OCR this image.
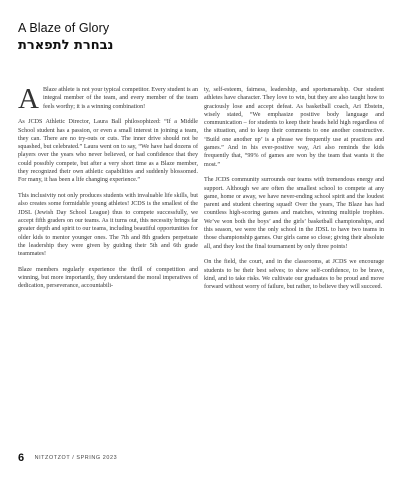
A Blaze of Glory
נבחרת לתפארת

A Blaze athlete is not your typical competitor. Every student is an integral member of the team, and every member of the team feels worthy; it is a winning combination!

As JCDS Athletic Director, Laura Ball philosophized: “If a Middle School student has a passion, or even a small interest in joining a team, they can. There are no try-outs or cuts. The inner drive should not be squashed, but celebrated.” Laura went on to say, “We have had dozens of players over the years who never believed, or had confidence that they could possibly compete, but after a very short time as a Blaze member, they recognized their own athletic capabilities and suddenly blossomed. For many, it has been a life changing experience.”

This inclusivity not only produces students with invaluable life skills, but also creates some formidable young athletes! JCDS is the smallest of the JDSL (Jewish Day School League) thus to compete successfully, we accept fifth graders on our teams. As it turns out, this necessity brings far greater depth and spirit to our teams, including beautiful opportunities for older kids to mentor younger ones. The 7th and 8th graders perpetuate the leadership they were given by guiding their 5th and 6th grade teammates!

Blaze members regularly experience the thrill of competition and winning, but more importantly, they understand the moral imperatives of dedication, perseverance, accountabili-

ty, self-esteem, fairness, leadership, and sportsmanship. Our student athletes have character. They love to win, but they are also taught how to graciously lose and accept defeat. As basketball coach, Ari Ebstein, wisely stated, “We emphasize positive body language and communication – for students to keep their heads held high regardless of the situation, and to keep their comments to one another constructive. ‘Build one another up’ is a phrase we frequently use at practices and games.” And in his ever-positive way, Ari also reminds the kids frequently that, “99% of games are won by the team that wants it the most.”

The JCDS community surrounds our teams with tremendous energy and support. Although we are often the smallest school to compete at any game, home or away, we have never-ending school spirit and the loudest parent and student cheering squad! Over the years, The Blaze has had countless high-scoring games and matches, winning multiple trophies. We’ve won both the boys’ and the girls’ basketball championships, and this season, we were the only school in the JDSL to have two teams in those championship games. Our girls came so close; giving their absolute all, and they lost the final tournament by only three points!

On the field, the court, and in the classrooms, at JCDS we encourage students to be their best selves; to show self-confidence, to be brave, kind, and to take risks. We cultivate our graduates to be proud and move forward without worry of failure, but rather, to believe they will succeed.

6 NITZOTZOT / SPRING 2023
